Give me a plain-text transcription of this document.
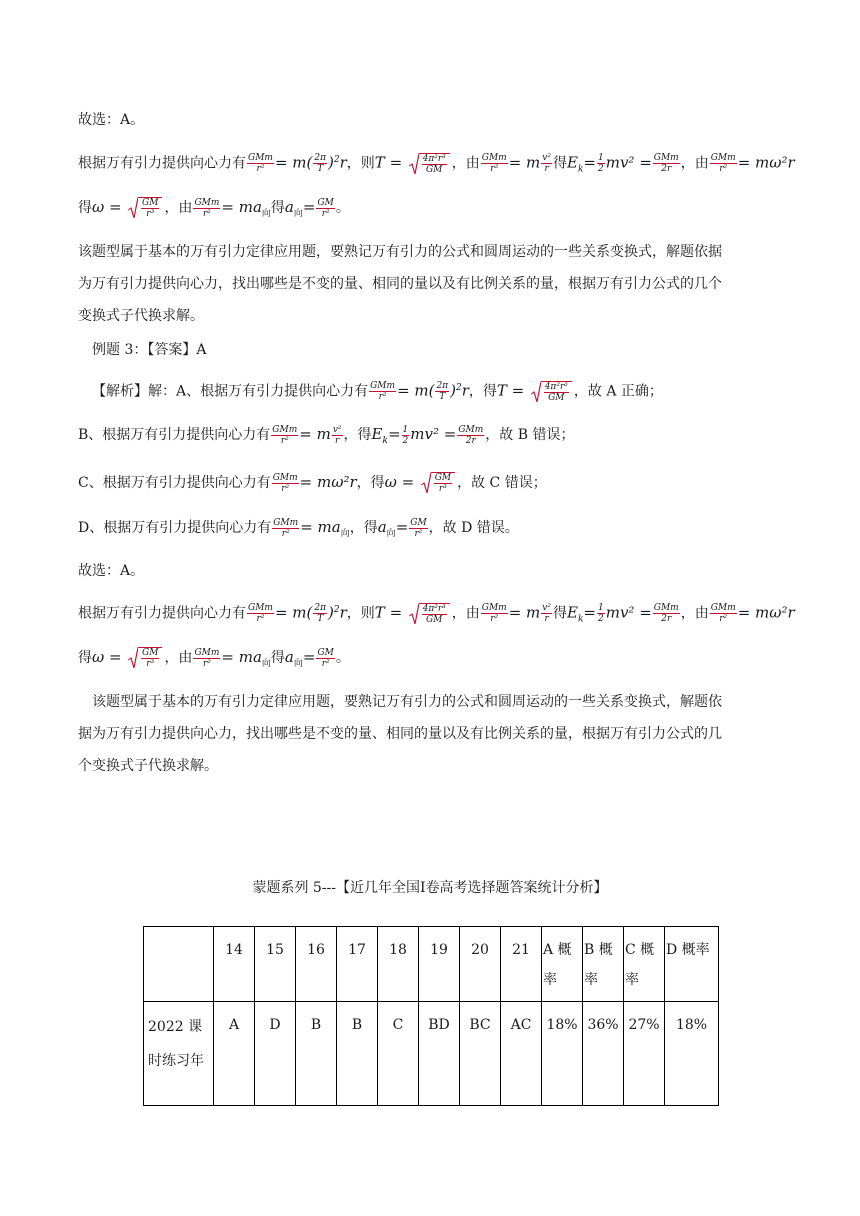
故选：A。
根据万有引力提供向心力有 $\frac{\text{GMm}}{\text{r²}} = m( \frac{2\pi}{T} )^2r$，则$T = \frac{\text{4π²r³}}{GM}$ ，由 $\frac{\text{GMm}}{\text{r²}} = m \frac{\text{v²}}{r}$ 得$E_k= \frac{1}{2} mv^2 = \frac{\text{GMm}}{2r}$ ，由 $\frac{\text{GMm}}{\text{r²}} = m\omega^2r$
得$\omega = \frac{GM}{\text{r³}}$ ，由 $\frac{\text{GMm}}{\text{r²}} = ma_向$得$a_向= \frac{GM}{\text{r²}}$ 。
该题型属于基本的万有引力定律应用题，要熟记万有引力的公式和圆周运动的一些关系变换式，解题依据
为万有引力提供向心力，找出哪些是不变的量、相同的量以及有比例关系的量，根据万有引力公式的几个
变换式子代换求解。
例题 3：【答案】A
【解析】解：A、根据万有引力提供向心力有 $\frac{\text{GMm}}{\text{r²}} = m( \frac{2\pi}{T} )^2r$，得$T = \frac{\text{4π²r³}}{GM}$ ，故 A 正确；
B、根据万有引力提供向心力有 $\frac{\text{GMm}}{\text{r²}} = m \frac{\text{v²}}{r}$ ，得$E_k= \frac{1}{2} mv^2 = \frac{\text{GMm}}{2r}$ ，故 B 错误；
C、根据万有引力提供向心力有 $\frac{\text{GMm}}{\text{r²}} = m\omega^2r$，得$\omega = \frac{GM}{\text{r³}}$ ，故 C 错误；
D、根据万有引力提供向心力有 $\frac{\text{GMm}}{\text{r²}} = ma_向$，得$a_向= \frac{GM}{\text{r²}}$ ，故 D 错误。
故选：A。
根据万有引力提供向心力有 $\frac{\text{GMm}}{\text{r²}} = m( \frac{2\pi}{T} )^2r$，则$T = \frac{\text{4π²r³}}{GM}$ ，由 $\frac{\text{GMm}}{\text{r²}} = m \frac{\text{v²}}{r}$ 得$E_k= \frac{1}{2} mv^2 = \frac{\text{GMm}}{2r}$ ，由 $\frac{\text{GMm}}{\text{r²}} = m\omega^2r$
得$\omega = \frac{GM}{\text{r³}}$ ，由 $\frac{\text{GMm}}{\text{r²}} = ma_向$得$a_向= \frac{GM}{\text{r²}}$ 。
该题型属于基本的万有引力定律应用题，要熟记万有引力的公式和圆周运动的一些关系变换式，解题依
据为万有引力提供向心力，找出哪些是不变的量、相同的量以及有比例关系的量，根据万有引力公式的几
个变换式子代换求解。
蒙题系列 5---【近几年全国Ⅰ卷高考选择题答案统计分析】
	14	15	16	17	18	19	20	21	A 概率	B 概率	C 概率	D 概率
2022 课时练习年	A	D	B	B	C	BD	BC	AC	18%	36%	27%	18%
